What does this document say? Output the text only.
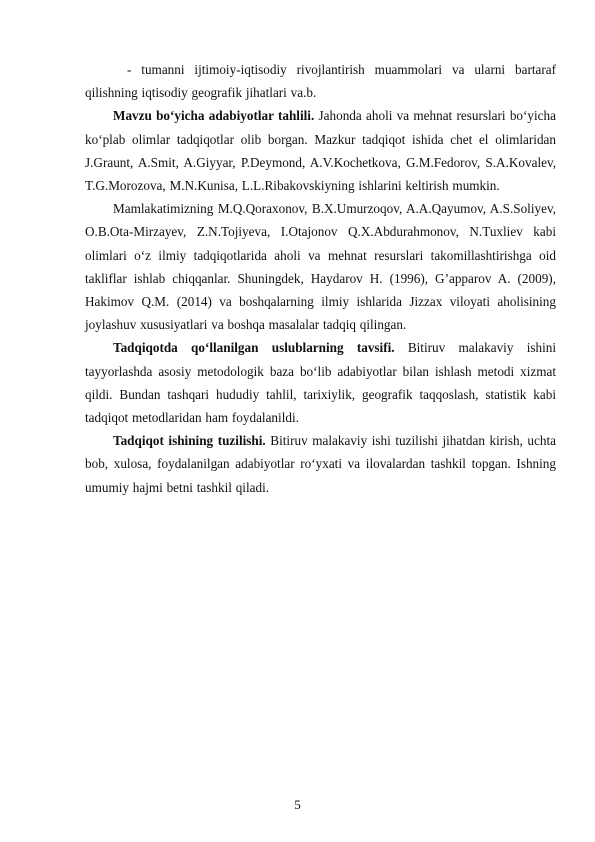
- tumanni ijtimoiy-iqtisodiy rivojlantirish muammolari va ularni bartaraf qilishning iqtisodiy geografik jihatlari va.b.

Mavzu bo‘yicha adabiyotlar tahlili. Jahonda aholi va mehnat resurslari bo‘yicha ko‘plab olimlar tadqiqotlar olib borgan. Mazkur tadqiqot ishida chet el olimlaridan J.Graunt, A.Smit, A.Giyyar, P.Deymond, A.V.Kochetkova, G.M.Fedorov, S.A.Kovalev, T.G.Morozova, M.N.Kunisa, L.L.Ribakovskiyning ishlarini keltirish mumkin.

Mamlakatimizning M.Q.Qoraxonov, B.X.Umurzoqov, A.A.Qayumov, A.S.Soliyev, O.B.Ota-Mirzayev, Z.N.Tojiyeva, I.Otajonov Q.X.Abdurahmonov, N.Tuxliev kabi olimlari o‘z ilmiy tadqiqotlarida aholi va mehnat resurslari takomillashtirishga oid takliflar ishlab chiqqanlar. Shuningdek, Haydarov H. (1996), G’apparov A. (2009), Hakimov Q.M. (2014) va boshqalarning ilmiy ishlarida Jizzax viloyati aholisining joylashuv xususiyatlari va boshqa masalalar tadqiq qilingan.

Tadqiqotda qo‘llanilgan uslublarning tavsifi. Bitiruv malakaviy ishini tayyorlashda asosiy metodologik baza bo‘lib adabiyotlar bilan ishlash metodi xizmat qildi. Bundan tashqari hududiy tahlil, tarixiylik, geografik taqqoslash, statistik kabi tadqiqot metodlaridan ham foydalanildi.

Tadqiqot ishining tuzilishi. Bitiruv malakaviy ishi tuzilishi jihatdan kirish, uchta bob, xulosa, foydalanilgan adabiyotlar ro‘yxati va ilovalardan tashkil topgan. Ishning umumiy hajmi betni tashkil qiladi.

5
